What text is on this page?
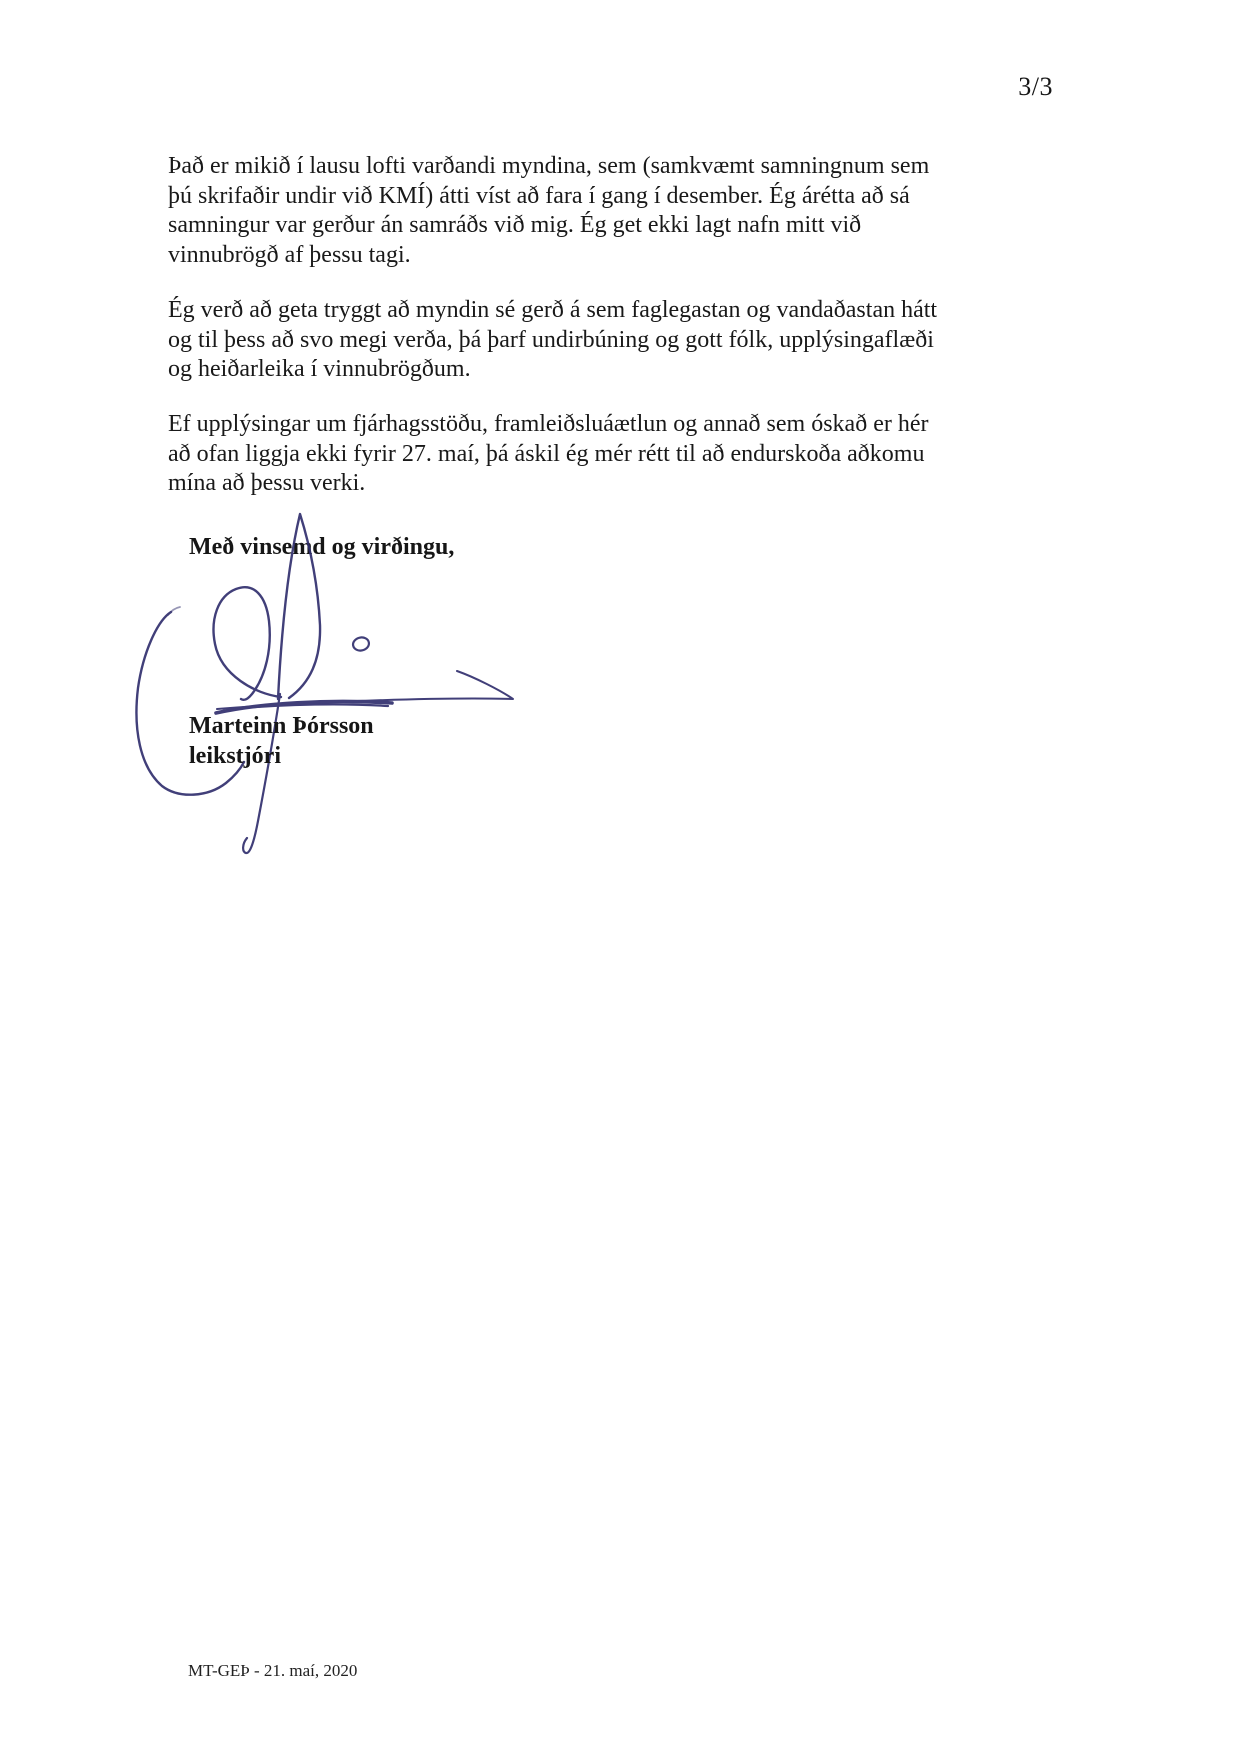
3/3
Það er mikið í lausu lofti varðandi myndina, sem (samkvæmt samningnum sem
þú skrifaðir undir við KMÍ) átti víst að fara í gang í desember. Ég árétta að sá
samningur var gerður án samráðs við mig. Ég get ekki lagt nafn mitt við
vinnubrögð af þessu tagi.
Ég verð að geta tryggt að myndin sé gerð á sem faglegastan og vandaðastan hátt
og til þess að svo megi verða, þá þarf undirbúning og gott fólk, upplýsingaflæði
og heiðarleika í vinnubrögðum.
Ef upplýsingar um fjárhagsstöðu, framleiðsluáætlun og annað sem óskað er hér
að ofan liggja ekki fyrir 27. maí, þá áskil ég mér rétt til að endurskoða aðkomu
mína að þessu verki.
Með vinsemd og virðingu,
Marteinn Þórsson
leikstjóri
MT-GEÞ - 21. maí, 2020
